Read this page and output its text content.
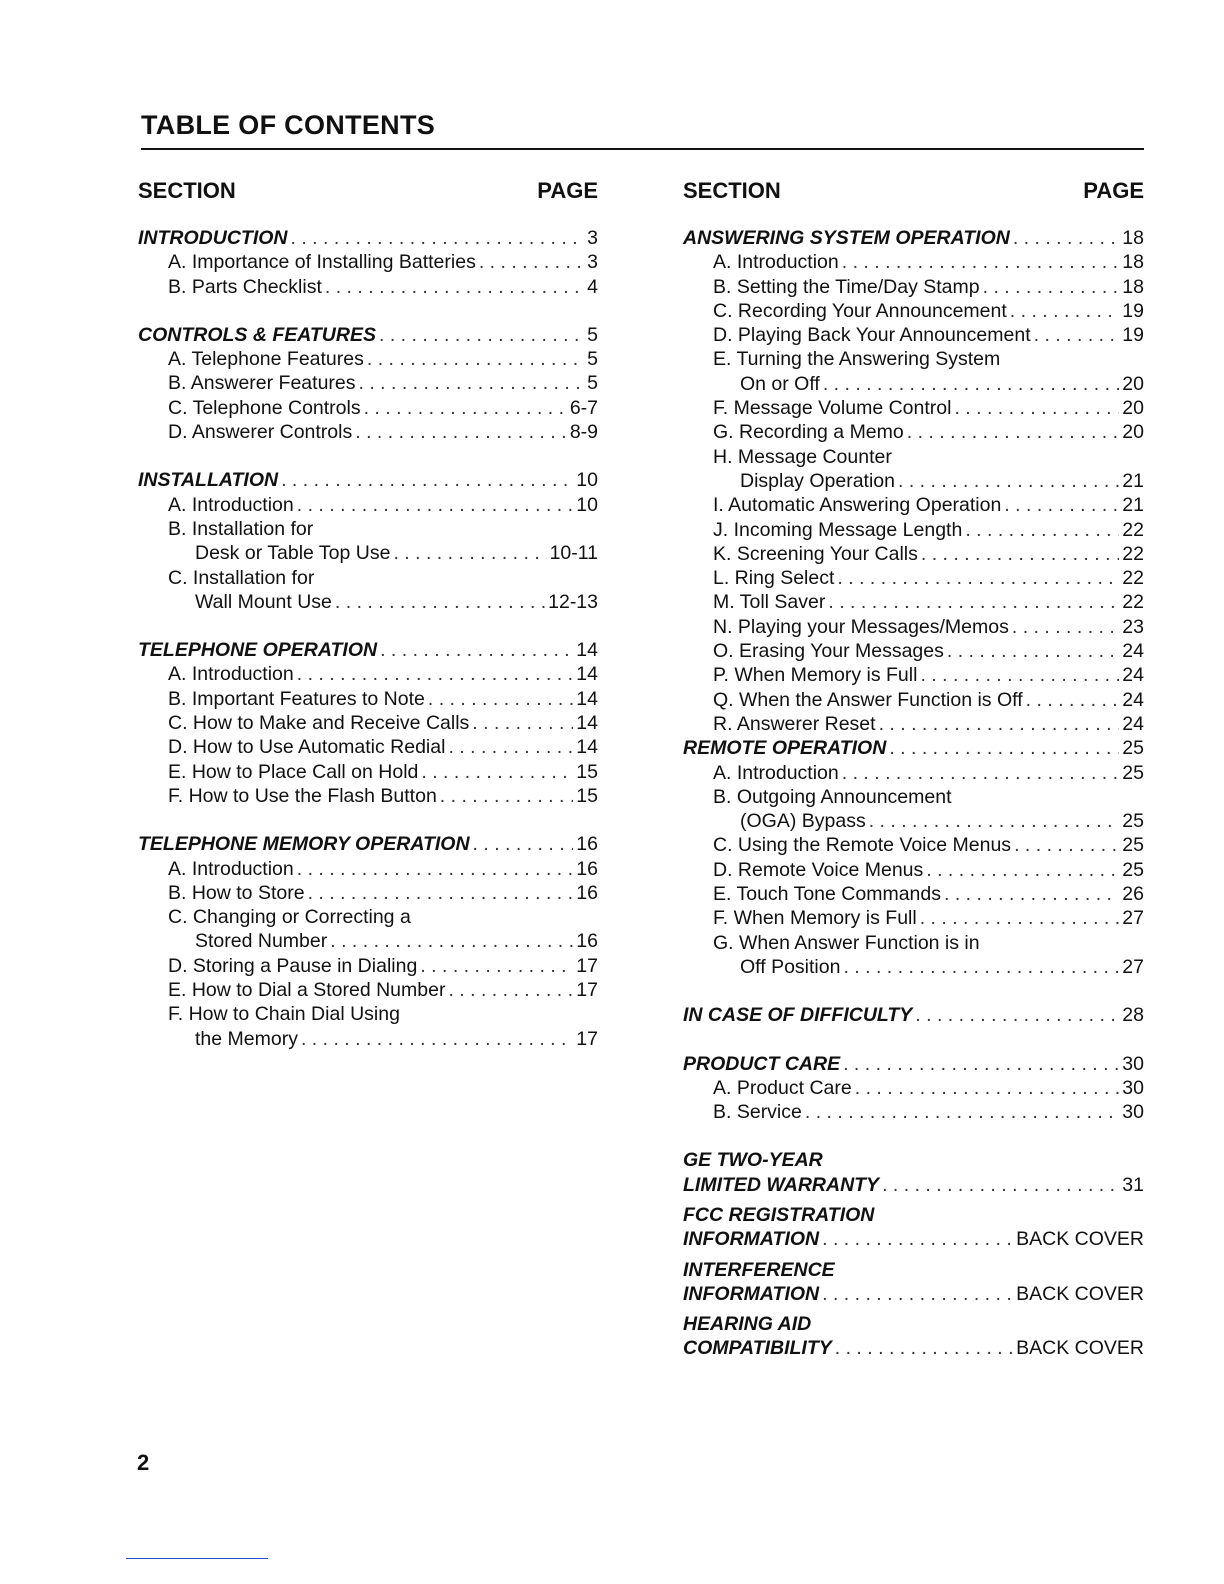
TABLE OF CONTENTS
SECTION	PAGE
INTRODUCTION . . .	3
A. Importance of Installing Batteries . . .	3
B. Parts Checklist . . .	4
CONTROLS & FEATURES . . .	5
A. Telephone Features . . .	5
B. Answerer Features . . .	5
C. Telephone Controls . . .	6-7
D. Answerer Controls . . .	8-9
INSTALLATION . . .	10
A. Introduction . . .	10
B. Installation for
Desk or Table Top Use . . .	10-11
C. Installation for
Wall Mount Use . . .	12-13
TELEPHONE OPERATION . . .	14
A. Introduction . . .	14
B. Important Features to Note . . .	14
C. How to Make and Receive Calls . . .	14
D. How to Use Automatic Redial . . .	14
E. How to Place Call on Hold . . .	15
F. How to Use the Flash Button . . .	15
TELEPHONE MEMORY OPERATION . . .	16
A. Introduction . . .	16
B. How to Store . . .	16
C. Changing or Correcting a
Stored Number . . .	16
D. Storing a Pause in Dialing . . .	17
E. How to Dial a Stored Number . . .	17
F. How to Chain Dial Using
the Memory . . .	17
SECTION	PAGE
ANSWERING SYSTEM OPERATION . . .	18
A. Introduction . . .	18
B. Setting the Time/Day Stamp . . .	18
C. Recording Your Announcement . . .	19
D. Playing Back Your Announcement . . .	19
E. Turning the Answering System
On or Off . . .	20
F. Message Volume Control . . .	20
G. Recording a Memo . . .	20
H. Message Counter
Display Operation . . .	21
I. Automatic Answering Operation . . .	21
J. Incoming Message Length . . .	22
K. Screening Your Calls . . .	22
L. Ring Select . . .	22
M. Toll Saver . . .	22
N. Playing your Messages/Memos . . .	23
O. Erasing Your Messages . . .	24
P. When Memory is Full . . .	24
Q. When the Answer Function is Off . . .	24
R. Answerer Reset . . .	24
REMOTE OPERATION . . .	25
A. Introduction . . .	25
B. Outgoing Announcement
(OGA) Bypass . . .	25
C. Using the Remote Voice Menus . . .	25
D. Remote Voice Menus . . .	25
E. Touch Tone Commands . . .	26
F. When Memory is Full . . .	27
G. When Answer Function is in
Off Position . . .	27
IN CASE OF DIFFICULTY . . .	28
PRODUCT CARE . . .	30
A. Product Care . . .	30
B. Service . . .	30
GE TWO-YEAR
LIMITED WARRANTY . . .	31
FCC REGISTRATION
INFORMATION . . .	BACK COVER
INTERFERENCE
INFORMATION . . .	BACK COVER
HEARING AID
COMPATIBILITY . . .	BACK COVER
2
